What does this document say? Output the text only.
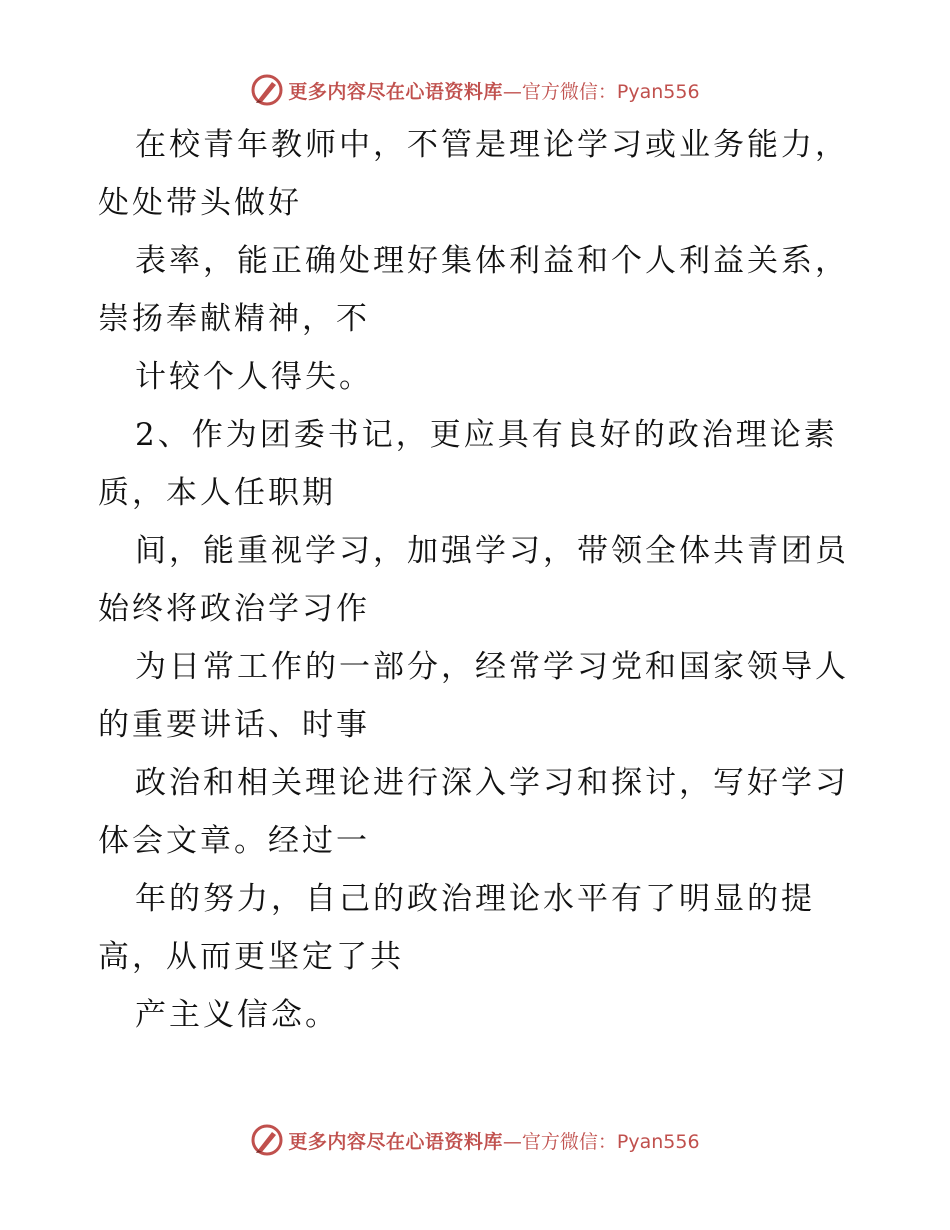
更多内容尽在心语资料库 —官方微信：Pyan556
在校青年教师中，不管是理论学习或业务能力，
处处带头做好
表率，能正确处理好集体利益和个人利益关系，
崇扬奉献精神，不
计较个人得失。
2、作为团委书记，更应具有良好的政治理论素
质，本人任职期
间，能重视学习，加强学习，带领全体共青团员
始终将政治学习作
为日常工作的一部分，经常学习党和国家领导人
的重要讲话、时事
政治和相关理论进行深入学习和探讨，写好学习
体会文章。经过一
年的努力，自己的政治理论水平有了明显的提
高，从而更坚定了共
产主义信念。
更多内容尽在心语资料库 —官方微信：Pyan556
